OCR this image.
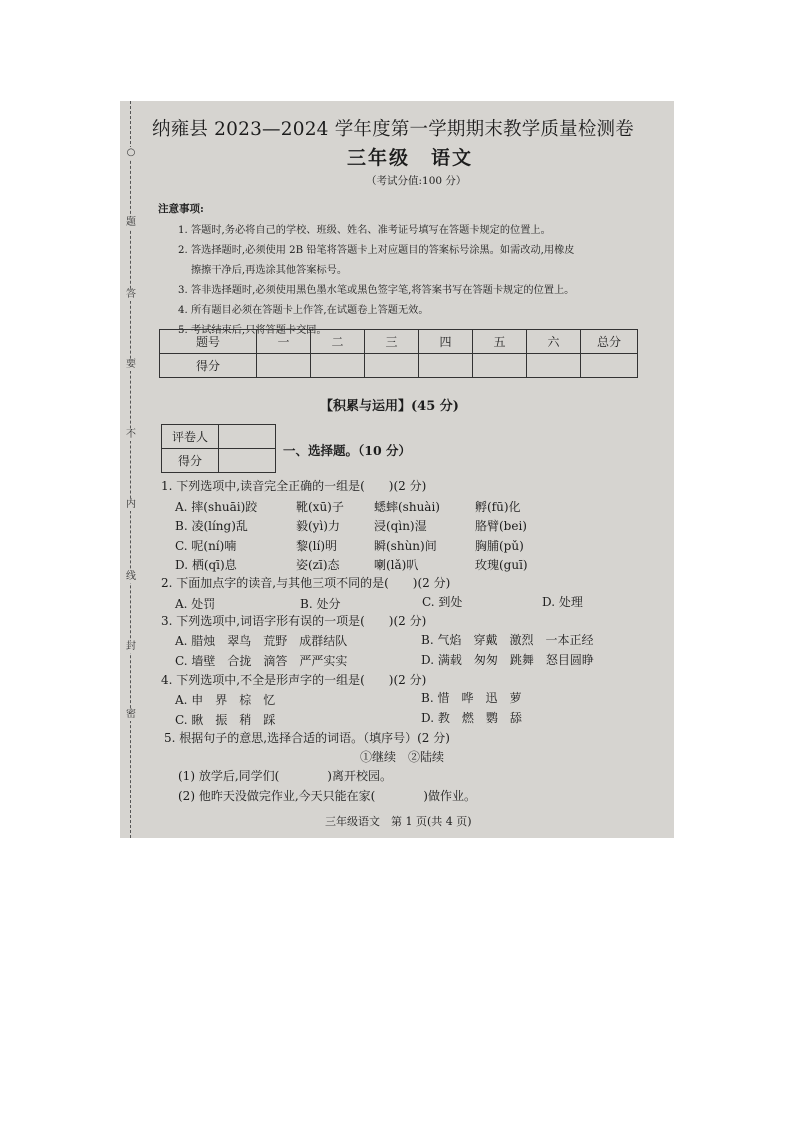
○
题
答
要
不
内
线
封
密
纳雍县 2023—2024 学年度第一学期期末教学质量检测卷
三年级　语文
（考试分值:100 分）
注意事项:
1. 答题时,务必将自己的学校、班级、姓名、准考证号填写在答题卡规定的位置上。
2. 答选择题时,必须使用 2B 铅笔将答题卡上对应题目的答案标号涂黑。如需改动,用橡皮
擦擦干净后,再选涂其他答案标号。
3. 答非选择题时,必须使用黑色墨水笔或黑色签字笔,将答案书写在答题卡规定的位置上。
4. 所有题目必须在答题卡上作答,在试题卷上答题无效。
5. 考试结束后,只将答题卡交回。
题号	一	二	三	四	五	六	总分
得分							
【积累与运用】(45 分)
评卷人	
得分	
一、选择题。（10 分）
1. 下列选项中,读音完全正确的一组是(　　)(2 分)
A. 摔(shuāi)跤	靴(xū)子	蟋蟀(shuài)	孵(fū)化
B. 凌(líng)乱	毅(yì)力	浸(qìn)湿	胳臂(bei)
C. 呢(ní)喃	黎(lí)明	瞬(shùn)间	胸脯(pǔ)
D. 栖(qī)息	姿(zī)态	喇(lǎ)叭	玫瑰(guī)
2. 下面加点字的读音,与其他三项不同的是(　　)(2 分)
A. 处罚	B. 处分	C. 到处	D. 处理
3. 下列选项中,词语字形有误的一项是(　　)(2 分)
A. 腊烛　翠鸟　荒野　成群结队	B. 气焰　穿戴　激烈　一本正经
C. 墙壁　合拢　滴答　严严实实	D. 满载　匆匆　跳舞　怒目圆睁
4. 下列选项中,不全是形声字的一组是(　　)(2 分)
A. 申　界　棕　忆	B. 惜　哗　迅　萝
C. 瞅　振　稍　踩	D. 教　燃　鹦　舔
5. 根据句子的意思,选择合适的词语。（填序号）(2 分)
①继续　②陆续
(1) 放学后,同学们(　　　　)离开校园。
(2) 他昨天没做完作业,今天只能在家(　　　　)做作业。
三年级语文　第 1 页(共 4 页)
